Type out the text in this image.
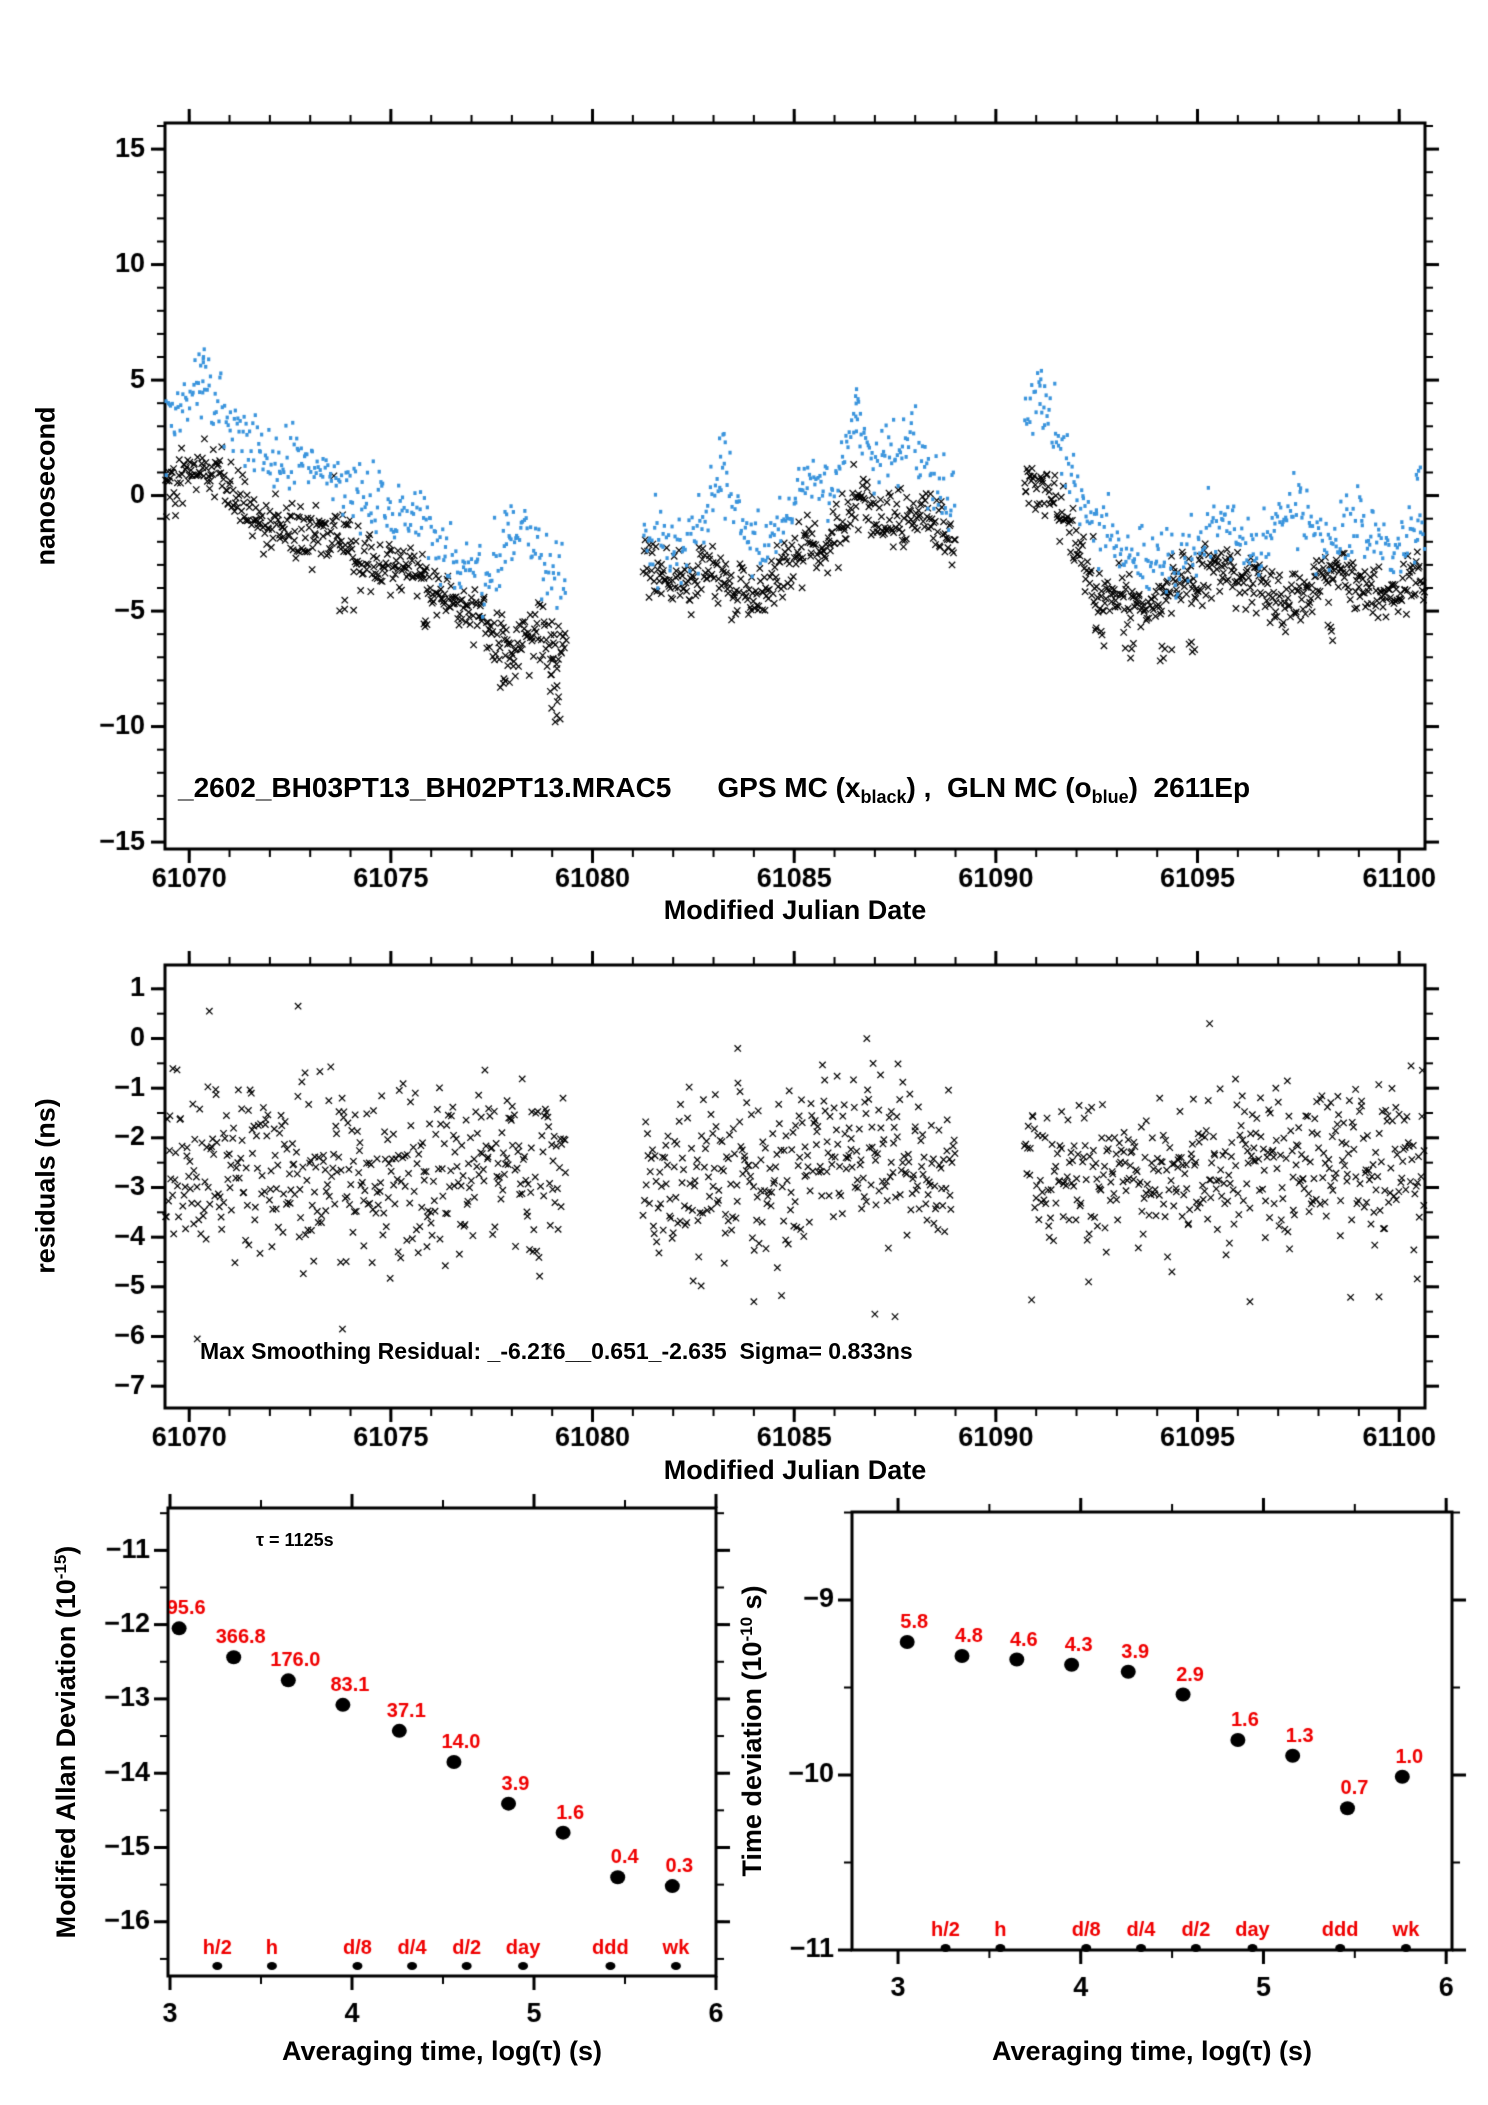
_2602_BH03PT13_BH02PT13.MRAC5 GPS MC $(x_{black})$ ,  GLN MC $(o_{blue})$  2611Ep
Max Smoothing Residual: _-6.216__0.651_-2.635  Sigma= 0.833ns
τ = 1125s
Modified Julian Date
Modified Julian Date
nanosecond
residuals (ns)
Modified Allan Deviation $(10^{-15})$
Time deviation ($10^{-10}$ s)
Averaging time, log(τ) (s)	Averaging time, log(τ) (s)
